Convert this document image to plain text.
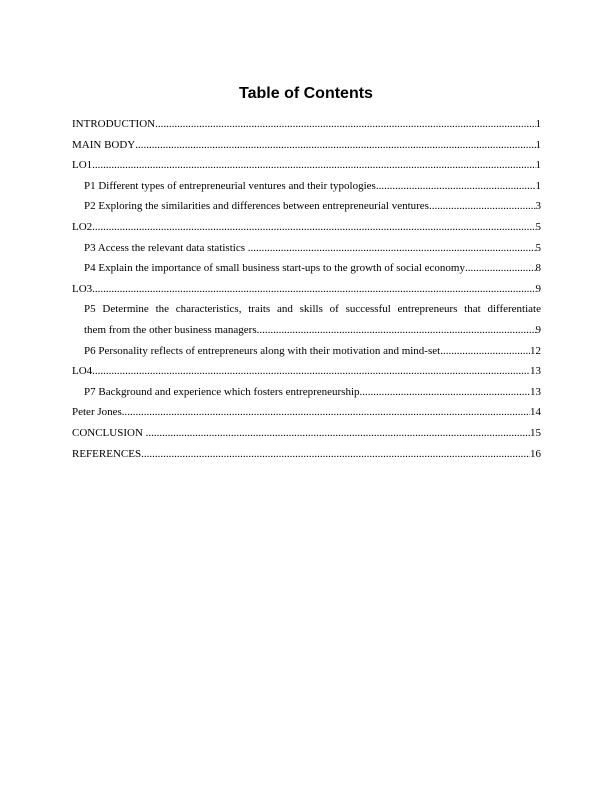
Table of Contents
INTRODUCTION .....	1
MAIN BODY .....	1
LO1 .....	1
P1 Different types of entrepreneurial ventures and their typologies .....	1
P2 Exploring the similarities and differences between entrepreneurial ventures .....	3
LO2 .....	5
P3 Access the relevant data statistics .....	5
P4 Explain the importance of small business start-ups to the growth of social economy .....	8
LO3 .....	9
P5 Determine the characteristics, traits and skills of successful entrepreneurs that differentiate
them from the other business managers .....	9
P6 Personality reflects of entrepreneurs along with their motivation and mind-set .....	12
LO4 .....	13
P7 Background and experience which fosters entrepreneurship .....	13
Peter Jones .....	14
CONCLUSION .....	15
REFERENCES .....	16
